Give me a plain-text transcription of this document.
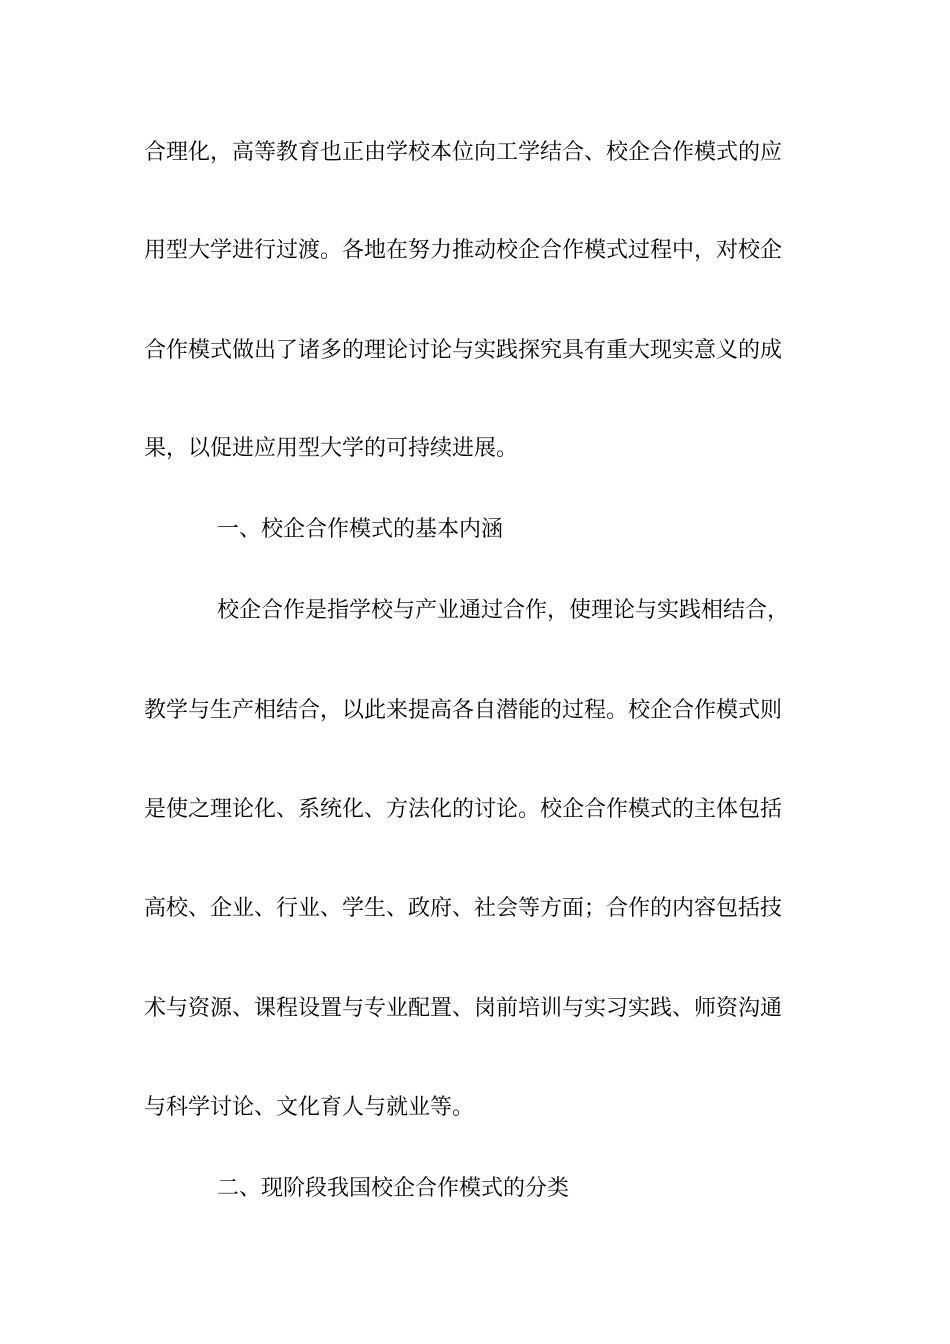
合理化，高等教育也正由学校本位向工学结合、校企合作模式的应
用型大学进行过渡。各地在努力推动校企合作模式过程中，对校企
合作模式做出了诸多的理论讨论与实践探究具有重大现实意义的成
果，以促进应用型大学的可持续进展。
一、校企合作模式的基本内涵
校企合作是指学校与产业通过合作，使理论与实践相结合，
教学与生产相结合，以此来提高各自潜能的过程。校企合作模式则
是使之理论化、系统化、方法化的讨论。校企合作模式的主体包括
高校、企业、行业、学生、政府、社会等方面；合作的内容包括技
术与资源、课程设置与专业配置、岗前培训与实习实践、师资沟通
与科学讨论、文化育人与就业等。
二、现阶段我国校企合作模式的分类
